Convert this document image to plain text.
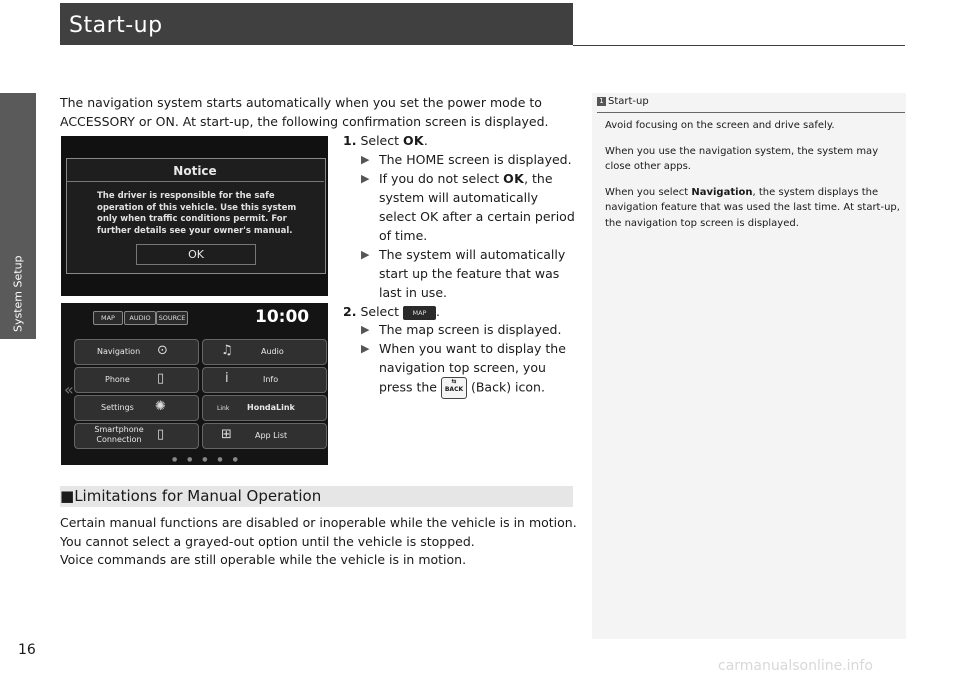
System Setup
Start-up
The navigation system starts automatically when you set the power mode to ACCESSORY or ON. At start-up, the following confirmation screen is displayed.
1. Select OK.
▶ The HOME screen is displayed.
▶ If you do not select OK, the system will automatically select OK after a certain period of time.
▶ The system will automatically start up the feature that was last in use.
2. Select MAP .
▶ The map screen is displayed.
▶ When you want to display the navigation top screen, you press the ⇆
BACK (Back) icon.
Notice
The driver is responsible for the safe operation of this vehicle. Use this system only when traffic conditions permit. For further details see your owner's manual.
OK
MAP	AUDIO	SOURCE	10:00
«
Navigation ⊙	♫	Audio
Phone ▯	i	Info
Settings ✺	Link HondaLink
Smartphone Connection	▯	⊞	App List
● ● ● ● ●
■Limitations for Manual Operation
Certain manual functions are disabled or inoperable while the vehicle is in motion.
You cannot select a grayed-out option until the vehicle is stopped.
Voice commands are still operable while the vehicle is in motion.
1 Start-up

Avoid focusing on the screen and drive safely.

When you use the navigation system, the system may close other apps.

When you select Navigation, the system displays the navigation feature that was used the last time. At start-up, the navigation top screen is displayed.

16
carmanualsonline.info
